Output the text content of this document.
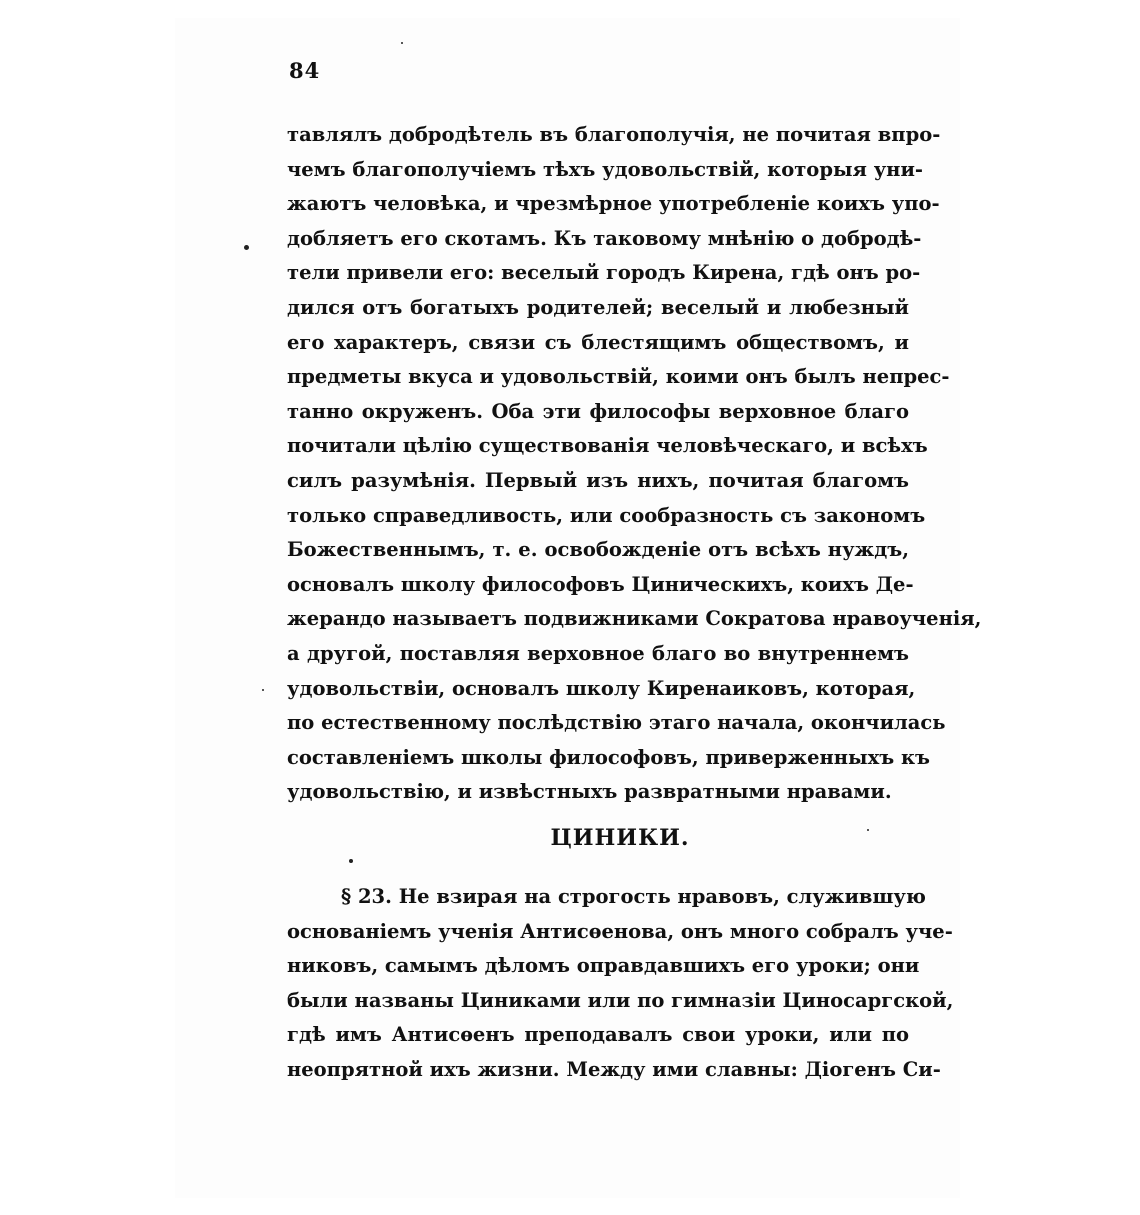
84
тавлялъ добродѣтель въ благополучія, не почитая впро-
чемъ благополучіемъ тѣхъ удовольствій, которыя уни-
жаютъ человѣка, и чрезмѣрное употребленіе коихъ упо-
добляетъ его скотамъ. Къ таковому мнѣнію о добродѣ-
тели привели его: веселый городъ Кирена, гдѣ онъ ро-
дился отъ богатыхъ родителей; веселый и любезный
его характеръ, связи съ блестящимъ обществомъ, и
предметы вкуса и удовольствій, коими онъ былъ непрес-
танно окруженъ. Оба эти философы верховное благо
почитали цѣлію существованія человѣческаго, и всѣхъ
силъ разумѣнія. Первый изъ нихъ, почитая благомъ
только справедливость, или сообразность съ закономъ
Божественнымъ, т. е. освобожденіе отъ всѣхъ нуждъ,
основалъ школу философовъ Циническихъ, коихъ Де-
жерандо называетъ подвижниками Сократова нравоученія,
а другой, поставляя верховное благо во внутреннемъ
удовольствіи, основалъ школу Киренаиковъ, которая,
по естественному послѣдствію этаго начала, окончилась
составленіемъ школы философовъ, приверженныхъ къ
удовольствію, и извѣстныхъ развратными нравами.
ЦИНИКИ.
§ 23. Не взирая на строгость нравовъ, служившую
основаніемъ ученія Антисѳенова, онъ много собралъ уче-
никовъ, самымъ дѣломъ оправдавшихъ его уроки; они
были названы Циниками или по гимназіи Циносаргской,
гдѣ имъ Антисѳенъ преподавалъ свои уроки, или по
неопрятной ихъ жизни. Между ими славны: Діогенъ Си-
